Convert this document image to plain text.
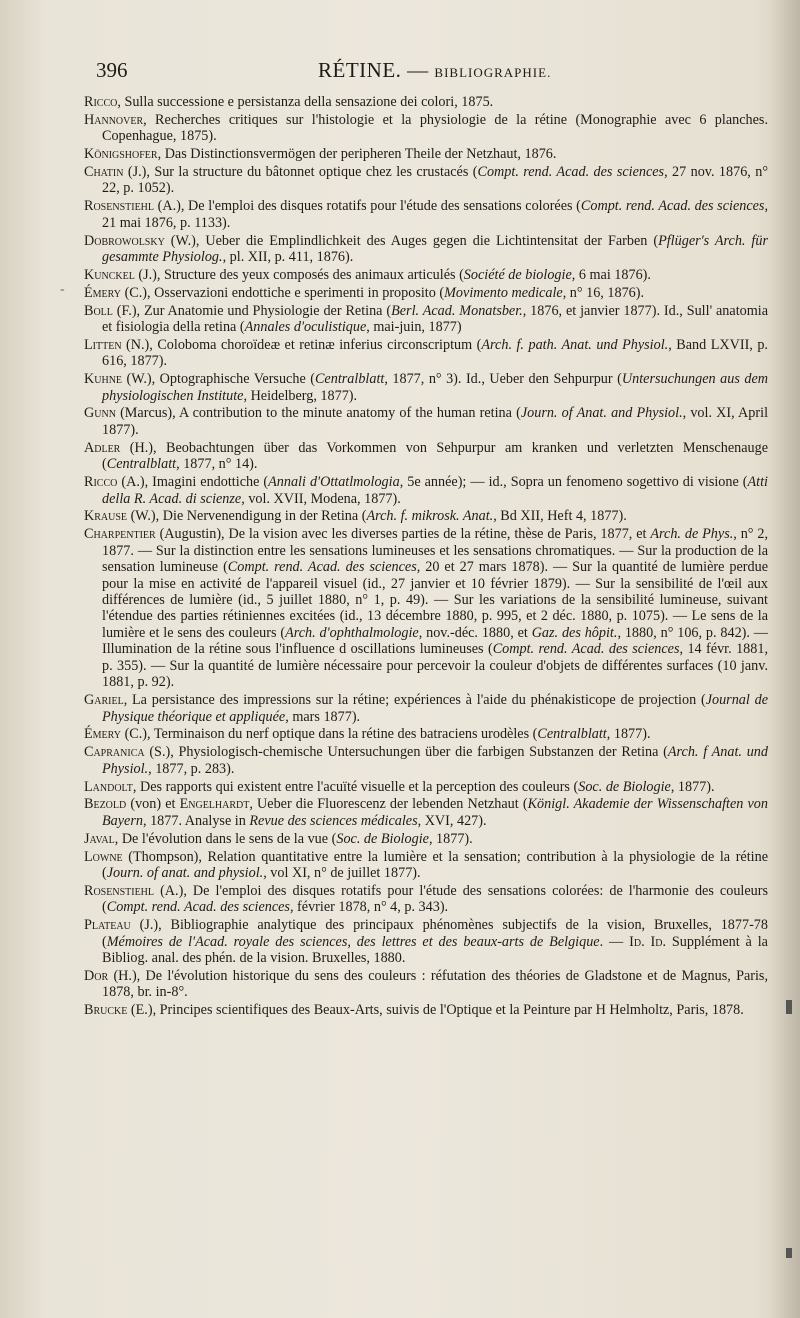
396	RÉTINE. — BIBLIOGRAPHIE.

Ricco, Sulla successione e persistanza della sensazione dei colori, 1875.

Hannover, Recherches critiques sur l'histologie et la physiologie de la rétine (Monographie avec 6 planches. Copenhague, 1875).

Königshofer, Das Distinctionsvermögen der peripheren Theile der Netzhaut, 1876.

Chatin (J.), Sur la structure du bâtonnet optique chez les crustacés (Compt. rend. Acad. des sciences, 27 nov. 1876, n° 22, p. 1052).

Rosenstiehl (A.), De l'emploi des disques rotatifs pour l'étude des sensations colorées (Compt. rend. Acad. des sciences, 21 mai 1876, p. 1133).

Dobrowolsky (W.), Ueber die Emplindlichkeit des Auges gegen die Lichtintensitat der Farben (Pflüger's Arch. für gesammte Physiolog., pl. XII, p. 411, 1876).

Kunckel (J.), Structure des yeux composés des animaux articulés (Société de biologie, 6 mai 1876).

Émery (C.), Osservazioni endottiche e sperimenti in proposito (Movimento medicale, n° 16, 1876).

Boll (F.), Zur Anatomie und Physiologie der Retina (Berl. Acad. Monatsber., 1876, et janvier 1877). Id., Sull' anatomia et fisiologia della retina (Annales d'oculistique, mai-juin, 1877)

Litten (N.), Coloboma choroïdeæ et retinæ inferius circonscriptum (Arch. f. path. Anat. und Physiol., Band LXVII, p. 616, 1877).

Kuhne (W.), Optographische Versuche (Centralblatt, 1877, n° 3). Id., Ueber den Sehpurpur (Untersuchungen aus dem physiologischen Institute, Heidelberg, 1877).

Gunn (Marcus), A contribution to the minute anatomy of the human retina (Journ. of Anat. and Physiol., vol. XI, April 1877).

Adler (H.), Beobachtungen über das Vorkommen von Sehpurpur am kranken und verletzten Menschenauge (Centralblatt, 1877, n° 14).

Ricco (A.), Imagini endottiche (Annali d'Ottatlmologia, 5e année); — id., Sopra un fenomeno sogettivo di visione (Atti della R. Acad. di scienze, vol. XVII, Modena, 1877).

Krause (W.), Die Nervenendigung in der Retina (Arch. f. mikrosk. Anat., Bd XII, Heft 4, 1877).

Charpentier (Augustin), De la vision avec les diverses parties de la rétine, thèse de Paris, 1877, et Arch. de Phys., n° 2, 1877. — Sur la distinction entre les sensations lumineuses et les sensations chromatiques. — Sur la production de la sensation lumineuse (Compt. rend. Acad. des sciences, 20 et 27 mars 1878). — Sur la quantité de lumière perdue pour la mise en activité de l'appareil visuel (id., 27 janvier et 10 février 1879). — Sur la sensibilité de l'œil aux différences de lumière (id., 5 juillet 1880, n° 1, p. 49). — Sur les variations de la sensibilité lumineuse, suivant l'étendue des parties rétiniennes excitées (id., 13 décembre 1880, p. 995, et 2 déc. 1880, p. 1075). — Le sens de la lumière et le sens des couleurs (Arch. d'ophthalmologie, nov.-déc. 1880, et Gaz. des hôpit., 1880, n° 106, p. 842). — Illumination de la rétine sous l'influence d oscillations lumineuses (Compt. rend. Acad. des sciences, 14 févr. 1881, p. 355). — Sur la quantité de lumière nécessaire pour percevoir la couleur d'objets de différentes surfaces (10 janv. 1881, p. 92).

Gariel, La persistance des impressions sur la rétine; expériences à l'aide du phénakisticope de projection (Journal de Physique théorique et appliquée, mars 1877).

Émery (C.), Terminaison du nerf optique dans la rétine des batraciens urodèles (Centralblatt, 1877).

Capranica (S.), Physiologisch-chemische Untersuchungen über die farbigen Substanzen der Retina (Arch. f Anat. und Physiol., 1877, p. 283).

Landolt, Des rapports qui existent entre l'acuïté visuelle et la perception des couleurs (Soc. de Biologie, 1877).

Bezold (von) et Engelhardt, Ueber die Fluorescenz der lebenden Netzhaut (Königl. Akademie der Wissenschaften von Bayern, 1877. Analyse in Revue des sciences médicales, XVI, 427).

Javal, De l'évolution dans le sens de la vue (Soc. de Biologie, 1877).

Lowne (Thompson), Relation quantitative entre la lumière et la sensation; contribution à la physiologie de la rétine (Journ. of anat. and physiol., vol XI, n° de juillet 1877).

Rosenstiehl (A.), De l'emploi des disques rotatifs pour l'étude des sensations colorées: de l'harmonie des couleurs (Compt. rend. Acad. des sciences, février 1878, n° 4, p. 343).

Plateau (J.), Bibliographie analytique des principaux phénomènes subjectifs de la vision, Bruxelles, 1877-78 (Mémoires de l'Acad. royale des sciences, des lettres et des beaux-arts de Belgique. — Id. Id. Supplément à la Bibliog. anal. des phén. de la vision. Bruxelles, 1880.

Dor (H.), De l'évolution historique du sens des couleurs : réfutation des théories de Gladstone et de Magnus, Paris, 1878, br. in-8°.

Brucke (E.), Principes scientifiques des Beaux-Arts, suivis de l'Optique et la Peinture par H Helmholtz, Paris, 1878.

-
